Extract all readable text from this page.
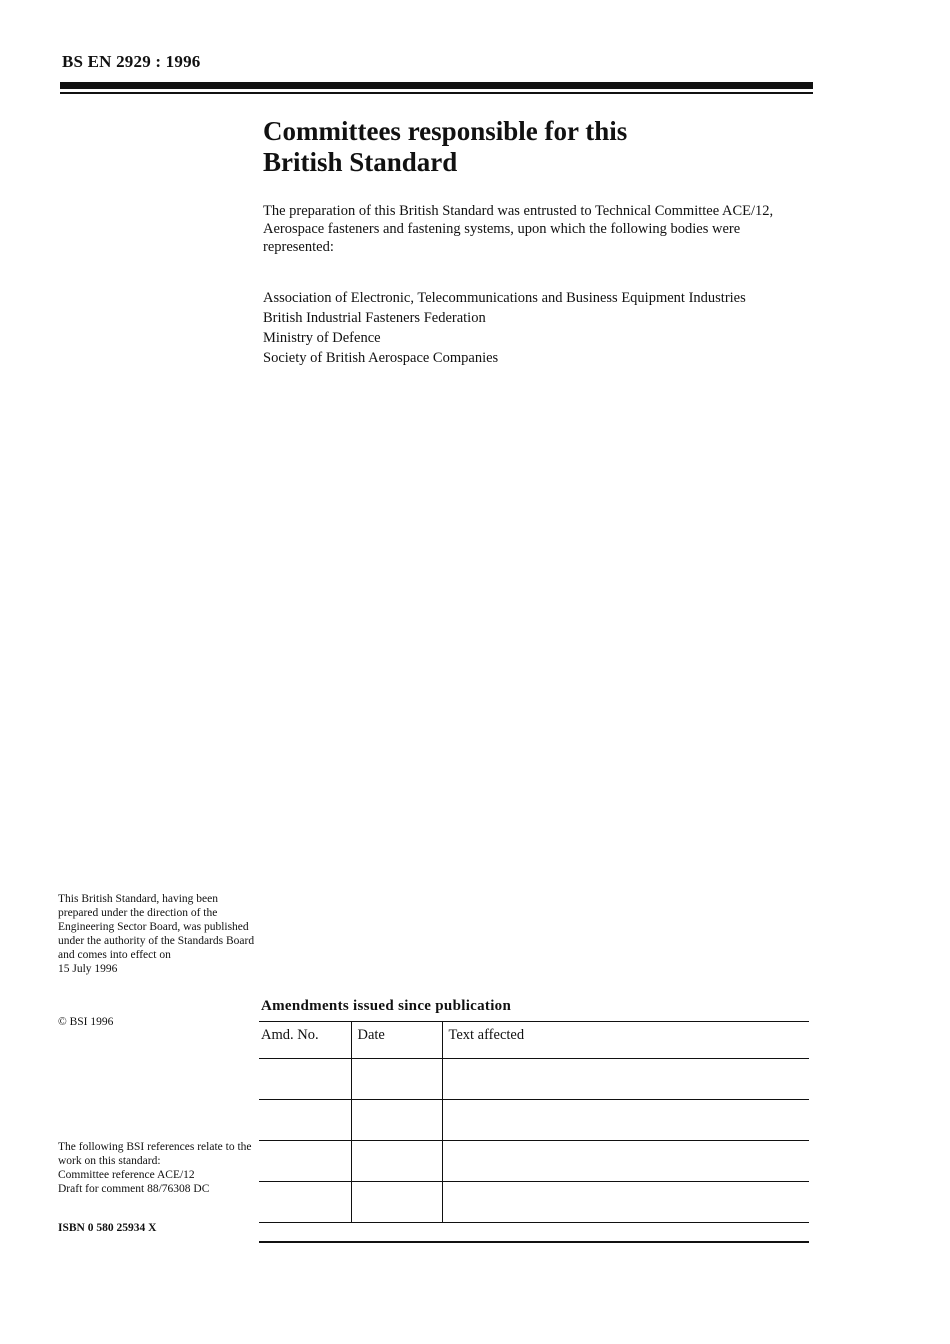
BS EN 2929 : 1996
Committees responsible for this
British Standard
The preparation of this British Standard was entrusted to Technical Committee ACE/12, Aerospace fasteners and fastening systems, upon which the following bodies were represented:
Association of Electronic, Telecommunications and Business Equipment Industries
British Industrial Fasteners Federation
Ministry of Defence
Society of British Aerospace Companies
This British Standard, having been prepared under the direction of the Engineering Sector Board, was published under the authority of the Standards Board and comes into effect on
15 July 1996
© BSI 1996
The following BSI references relate to the work on this standard:
Committee reference ACE/12
Draft for comment 88/76308 DC
ISBN 0 580 25934 X
Amendments issued since publication
Amd. No.	Date	Text affected
